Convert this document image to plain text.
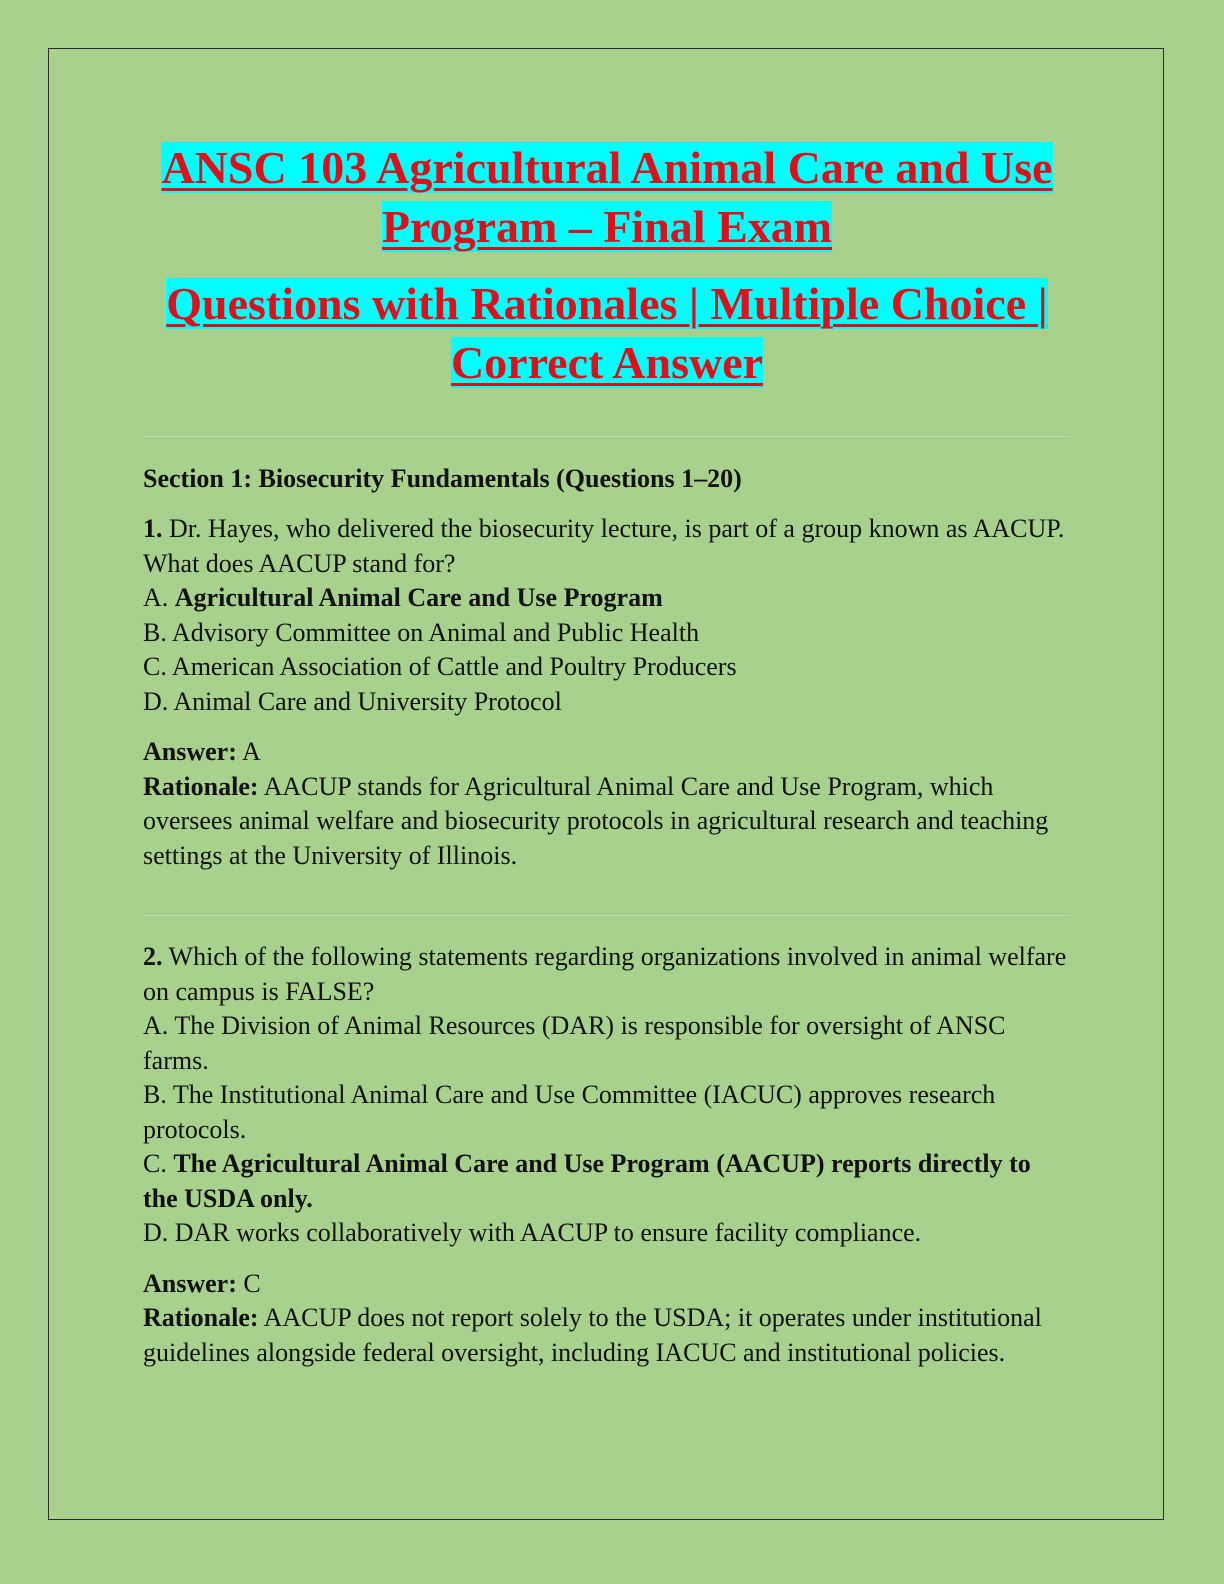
ANSC 103 Agricultural Animal Care and Use

Program – Final Exam

Questions with Rationales | Multiple Choice |

Correct Answer

Section 1: Biosecurity Fundamentals (Questions 1–20)

1. Dr. Hayes, who delivered the biosecurity lecture, is part of a group known as AACUP. What does AACUP stand for?

A. Agricultural Animal Care and Use Program

B. Advisory Committee on Animal and Public Health

C. American Association of Cattle and Poultry Producers

D. Animal Care and University Protocol

Answer: A

Rationale: AACUP stands for Agricultural Animal Care and Use Program, which oversees animal welfare and biosecurity protocols in agricultural research and teaching settings at the University of Illinois.

2. Which of the following statements regarding organizations involved in animal welfare on campus is FALSE?

A. The Division of Animal Resources (DAR) is responsible for oversight of ANSC farms.

B. The Institutional Animal Care and Use Committee (IACUC) approves research protocols.

C. The Agricultural Animal Care and Use Program (AACUP) reports directly to the USDA only.

D. DAR works collaboratively with AACUP to ensure facility compliance.

Answer: C

Rationale: AACUP does not report solely to the USDA; it operates under institutional guidelines alongside federal oversight, including IACUC and institutional policies.
